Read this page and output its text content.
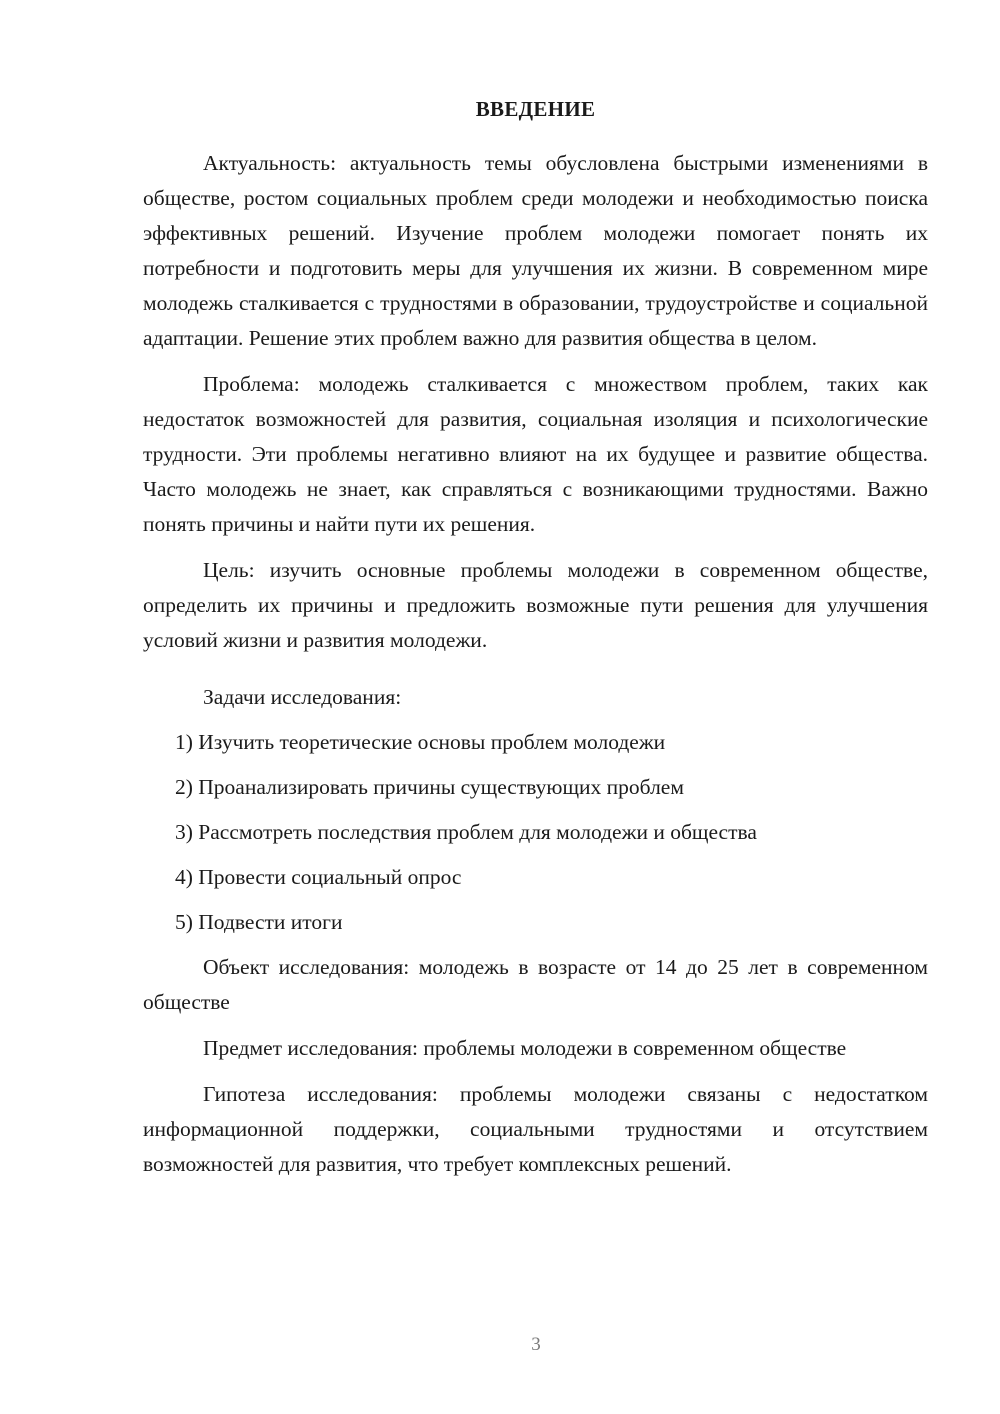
ВВЕДЕНИЕ

Актуальность: актуальность темы обусловлена быстрыми изменениями в обществе, ростом социальных проблем среди молодежи и необходимостью поиска эффективных решений. Изучение проблем молодежи помогает понять их потребности и подготовить меры для улучшения их жизни. В современном мире молодежь сталкивается с трудностями в образовании, трудоустройстве и социальной адаптации. Решение этих проблем важно для развития общества в целом.

Проблема: молодежь сталкивается с множеством проблем, таких как недостаток возможностей для развития, социальная изоляция и психологические трудности. Эти проблемы негативно влияют на их будущее и развитие общества. Часто молодежь не знает, как справляться с возникающими трудностями. Важно понять причины и найти пути их решения.

Цель: изучить основные проблемы молодежи в современном обществе, определить их причины и предложить возможные пути решения для улучшения условий жизни и развития молодежи.

Задачи исследования:
1) Изучить теоретические основы проблем молодежи
2) Проанализировать причины существующих проблем
3) Рассмотреть последствия проблем для молодежи и общества
4) Провести социальный опрос
5) Подвести итоги

Объект исследования: молодежь в возрасте от 14 до 25 лет в современном обществе

Предмет исследования: проблемы молодежи в современном обществе

Гипотеза исследования: проблемы молодежи связаны с недостатком информационной поддержки, социальными трудностями и отсутствием возможностей для развития, что требует комплексных решений.

3
